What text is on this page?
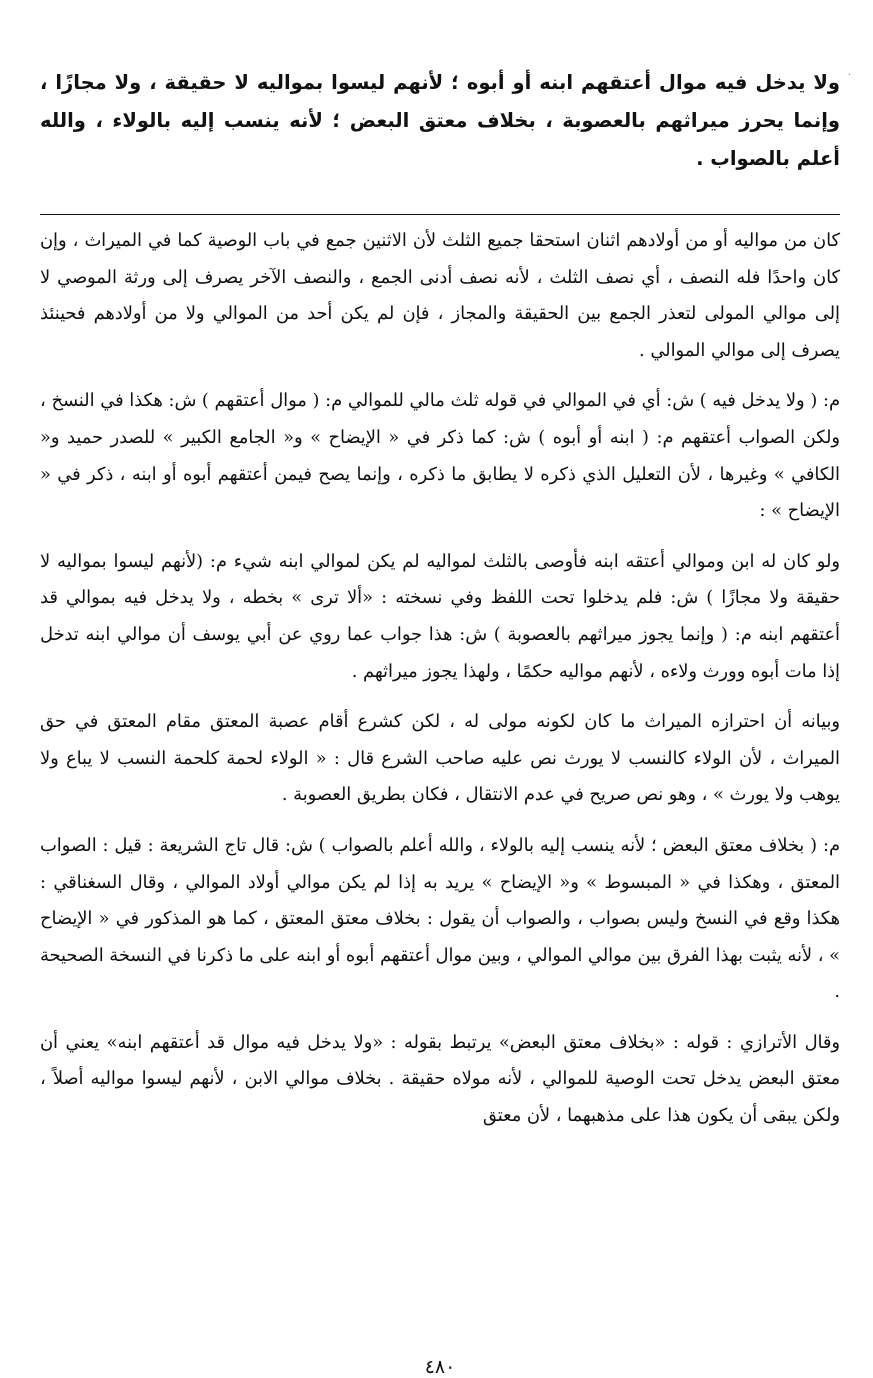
ولا يدخل فيه موال أعتقهم ابنه أو أبوه ؛ لأنهم ليسوا بمواليه لا حقيقة ، ولا مجازًا ، وإنما يحرز ميراثهم بالعصوبة ، بخلاف معتق البعض ؛ لأنه ينسب إليه بالولاء ، والله أعلم بالصواب .

كان من مواليه أو من أولادهم اثنان استحقا جميع الثلث لأن الاثنين جمع في باب الوصية كما في الميراث ، وإن كان واحدًا فله النصف ، أي نصف الثلث ، لأنه نصف أدنى الجمع ، والنصف الآخر يصرف إلى ورثة الموصي لا إلى موالي المولى لتعذر الجمع بين الحقيقة والمجاز ، فإن لم يكن أحد من الموالي ولا من أولادهم فحينئذ يصرف إلى موالي الموالي .

م: ( ولا يدخل فيه ) ش: أي في الموالي في قوله ثلث مالي للموالي م: ( موال أعتقهم ) ش: هكذا في النسخ ، ولكن الصواب أعتقهم م: ( ابنه أو أبوه ) ش: كما ذكر في « الإيضاح » و« الجامع الكبير » للصدر حميد و« الكافي » وغيرها ، لأن التعليل الذي ذكره لا يطابق ما ذكره ، وإنما يصح فيمن أعتقهم أبوه أو ابنه ، ذكر في « الإيضاح » :

ولو كان له ابن وموالي أعتقه ابنه فأوصى بالثلث لمواليه لم يكن لموالي ابنه شيء م: (لأنهم ليسوا بمواليه لا حقيقة ولا مجازًا ) ش: فلم يدخلوا تحت اللفظ وفي نسخته : «ألا ترى » بخطه ، ولا يدخل فيه بموالي قد أعتقهم ابنه م: ( وإنما يجوز ميراثهم بالعصوبة ) ش: هذا جواب عما روي عن أبي يوسف أن موالي ابنه تدخل إذا مات أبوه وورث ولاءه ، لأنهم مواليه حكمًا ، ولهذا يجوز ميراثهم .

وبيانه أن احترازه الميراث ما كان لكونه مولى له ، لكن كشرع أقام عصبة المعتق مقام المعتق في حق الميراث ، لأن الولاء كالنسب لا يورث نص عليه صاحب الشرع قال : « الولاء لحمة كلحمة النسب لا يباع ولا يوهب ولا يورث » ، وهو نص صريح في عدم الانتقال ، فكان بطريق العصوبة .

م: ( بخلاف معتق البعض ؛ لأنه ينسب إليه بالولاء ، والله أعلم بالصواب ) ش: قال تاج الشريعة : قيل : الصواب المعتق ، وهكذا في « المبسوط » و« الإيضاح » يريد به إذا لم يكن موالي أولاد الموالي ، وقال السغناقي : هكذا وقع في النسخ وليس بصواب ، والصواب أن يقول : بخلاف معتق المعتق ، كما هو المذكور في « الإيضاح » ، لأنه يثبت بهذا الفرق بين موالي الموالي ، وبين موال أعتقهم أبوه أو ابنه على ما ذكرنا في النسخة الصحيحة .

وقال الأترازي : قوله : «بخلاف معتق البعض» يرتبط بقوله : «ولا يدخل فيه موال قد أعتقهم ابنه» يعني أن معتق البعض يدخل تحت الوصية للموالي ، لأنه مولاه حقيقة . بخلاف موالي الابن ، لأنهم ليسوا مواليه أصلاً ، ولكن يبقى أن يكون هذا على مذهبهما ، لأن معتق

٤٨٠
·
